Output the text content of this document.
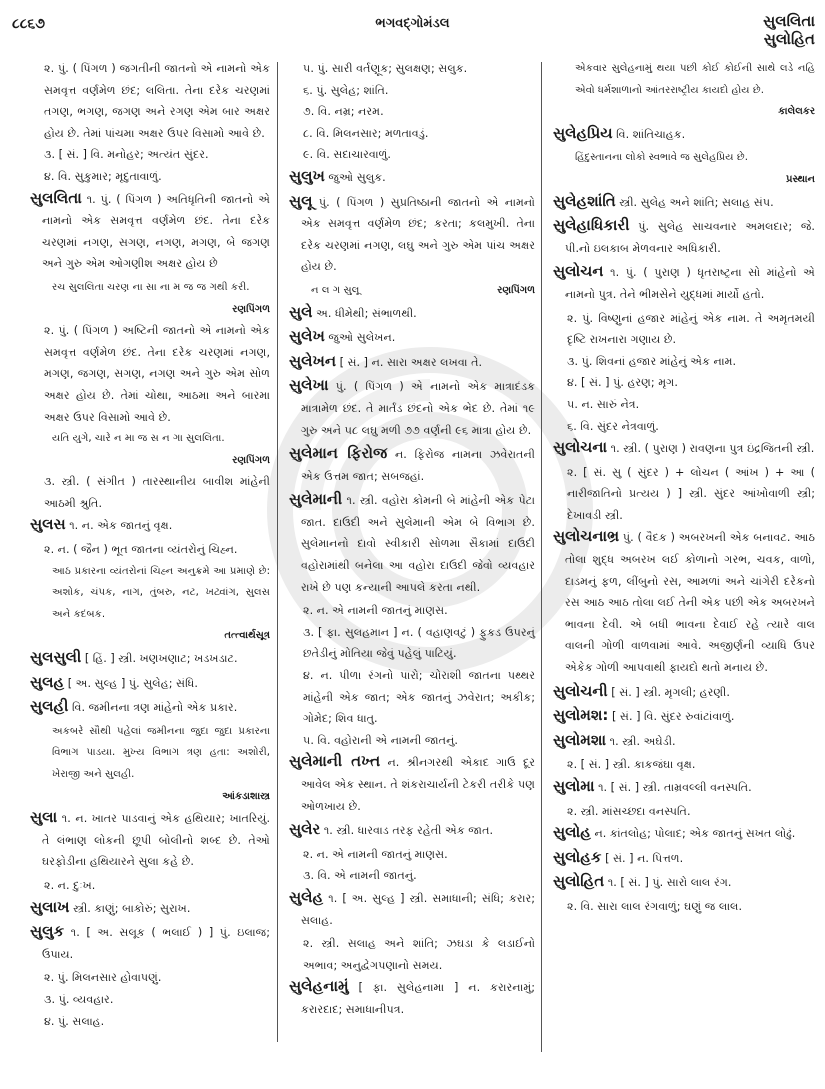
૮૮૬૭	ભગવદ્ગોમંડલ	સુલલિતા
સુલોહિત

૨. પું. ( પિંગળ ) જગતીની જાતનો એ નામનો એક સમવૃત્ત વર્ણમેળ છંદ; લલિતા. તેના દરેક ચરણમાં તગણ, ભગણ, જગણ અને રગણ એમ બાર અક્ષર હોય છે. તેમાં પાંચમા અક્ષર ઉપર વિસામો આવે છે.

૩. [ સં. ] વિ. મનોહર; અત્યંત સુંદર.

૪. વિ. સુકુમાર; મૃદુતાવાળું.

સુલલિતા ૧. પું. ( પિંગળ ) અતિધૃતિની જાતનો એ નામનો એક સમવૃત્ત વર્ણમેળ છંદ. તેના દરેક ચરણમાં નગણ, સગણ, નગણ, મગણ, બે જગણ અને ગુરુ એમ ઓગણીશ અક્ષર હોય છે

રચ સુલલિતા ચરણ ના સા ના મ જ જ ગથી કરી.

રણપિંગળ

૨. પું. ( પિંગળ ) અષ્ટિની જાતનો એ નામનો એક સમવૃત્ત વર્ણમેળ છંદ. તેના દરેક ચરણમાં નગણ, મગણ, જગણ, સગણ, નગણ અને ગુરુ એમ સોળ અક્ષર હોય છે. તેમાં ચોથા, આઠમા અને બારમા અક્ષર ઉપર વિસામો આવે છે.

યતિ યુગે, ચારે ન મા જ સ ન ગા સુલલિતા.

રણપિંગળ

૩. સ્ત્રી. ( સંગીત ) તારસ્થાનીય બાવીશ માંહેની આઠમી શ્રુતિ.

સુલસ ૧. ન. એક જાતનું વૃક્ષ.

૨. ન. ( જૈન ) ભૂત જાતના વ્યંતરોનું ચિહ્ન.

આઠ પ્રકારના વ્યંતરોનાં ચિહ્ન અનુક્રમે આ પ્રમાણે છે: અશોક, ચંપક, નાગ, તુંબરુ, નટ, ખટ્વાંગ, સુલસ અને કદંબક.

તત્ત્વાર્થસૂત્ર

સુલસુલી [ હિં. ] સ્ત્રી. ખણખણાટ; ખડખડાટ.

સુલહ [ અ. સુલ્હ ] પું. સુલેહ; સંધિ.

સુલહી વિ. જમીનના ત્રણ માંહેનો એક પ્રકાર.

અકબરે સૌથી પહેલાં જમીનના જુદા જુદા પ્રકારના વિભાગ પાડયા. મુખ્ય વિભાગ ત્રણ હતા: અશોરી, ખેરાજી અને સુલહી.

આંકડાશાસ્ત્ર

સુલા ૧. ન. ખાતર પાડવાનું એક હથિયાર; ખાતરિયું. તે લંભાણ લોકની છૂપી બોલીનો શબ્દ છે. તેઓ ઘરફોડીના હથિયારને સુલા કહે છે.

૨. ન. દુઃખ.

સુલાખ સ્ત્રી. કાણું; બાકોરું; સુરાખ.

સુલુક ૧. [ અ. સલૂક ( ભલાઈ ) ] પું. ઇલાજ; ઉપાય.

૨. પું. મિલનસાર હોવાપણું.

૩. પું. વ્યવહાર.

૪. પું. સલાહ.

૫. પું. સારી વર્તણૂક; સુલક્ષણ; સલુક.

૬. પું. સુલેહ; શાંતિ.

૭. વિ. નમ્ર; નરમ.

૮. વિ. મિલનસાર; મળતાવડું.

૯. વિ. સદાચારવાળું.

સુલુખ જુઓ સુલુક.

સુલૂ પું. ( પિંગળ ) સુપ્રતિષ્ઠાની જાતનો એ નામનો એક સમવૃત્ત વર્ણમેળ છંદ; કરતા; કલમુખી. તેના દરેક ચરણમાં નગણ, લઘુ અને ગુરુ એમ પાંચ અક્ષર હોય છે.

ન લ ગ સુલૂ	રણપિંગળ

સુલે અ. ધીમેથી; સંભાળથી.

સુલેખ જુઓ સુલેખન.

સુલેખન [ સં. ] ન. સારા અક્ષર લખવા તે.

સુલેખા પું. ( પિંગળ ) એ નામનો એક માત્રાદંડક માત્રામેળ છંદ. તે માર્તંડ છંદનો એક ભેદ છે. તેમાં ૧૯ ગુરુ અને ૫૮ લઘુ મળી ૭૭ વર્ણની ૯૬ માત્રા હોય છે.

સુલેમાન ફિરોજ ન. ફિરોજ નામના ઝવેરાતની એક ઉત્તમ જાત; સબજહાં.

સુલેમાની ૧. સ્ત્રી. વહોરા કોમની બે માંહેની એક પેટા જાત. દાઉદી અને સુલેમાની એમ બે વિભાગ છે. સુલેમાનનો દાવો સ્વીકારી સોળમા સૈકામાં દાઉદી વહોરામાંથી બનેલા આ વહોરા દાઉદી જેવો વ્યવહાર રાખે છે પણ કન્યાની આપલે કરતા નથી.

૨. ન. એ નામની જાતનું માણસ.

૩. [ ફા. સુલહમાન ] ન. ( વહાણવટું ) ફુકડ ઉપરનું છતેડીનું મોતિયા જેવું પહેલું પાટિયું.

૪. ન. પીળા રંગનો પારો; ચોરાશી જાતના પથ્થર માંહેની એક જાત; એક જાતનું ઝવેરાત; અકીક; ગોમેદ; શિવ ધાતુ.

૫. વિ. વહોરાની એ નામની જાતનું.

સુલેમાની તખ્ત ન. શ્રીનગરથી એકાદ ગાઉ દૂર આવેલ એક સ્થાન. તે શંકરાચાર્યની ટેકરી તરીકે પણ ઓળખાય છે.

સુલેર ૧. સ્ત્રી. ધારવાડ તરફ રહેતી એક જાત.

૨. ન. એ નામની જાતનું માણસ.

૩. વિ. એ નામની જાતનું.

સુલેહ ૧. [ અ. સુલ્હ ] સ્ત્રી. સમાધાની; સંધિ; કરાર; સલાહ.

૨. સ્ત્રી. સલાહ અને શાંતિ; ઝઘડા કે લડાઈનો અભાવ; અનુદ્વેગપણાનો સમય.

સુલેહનામું [ ફા. સુલેહનામા ] ન. કરારનામું; કરારદાદ; સમાધાનીપત્ર.

એકવાર સુલેહનામું થયા પછી કોઈ કોઈની સાથે લડે નહિ એવો ધર્મશાળાનો આંતરરાષ્ટ્રીય કાયદો હોય છે.

કાલેલકર

સુલેહપ્રિય વિ. શાંતિચાહક.

હિંદુસ્તાનના લોકો સ્વભાવે જ સુલેહપ્રિય છે.

પ્રસ્થાન

સુલેહશાંતિ સ્ત્રી. સુલેહ અને શાંતિ; સલાહ સંપ.

સુલેહાધિકારી પું. સુલેહ સાચવનાર અમલદાર; જે. પી.નો ઇલકાબ મેળવનાર અધિકારી.

સુલોચન ૧. પું. ( પુરાણ ) ધૃતરાષ્ટ્રના સો માંહેનો એ નામનો પુત્ર. તેને ભીમસેને યુદ્ધમાં માર્યો હતો.

૨. પું. વિષ્ણુનાં હજાર માંહેનું એક નામ. તે અમૃતમયી દૃષ્ટિ રાખનારા ગણાય છે.

૩. પું. શિવનાં હજાર માંહેનું એક નામ.

૪. [ સં. ] પું. હરણ; મૃગ.

૫. ન. સારું નેત્ર.

૬. વિ. સુંદર નેત્રવાળું.

સુલોચના ૧. સ્ત્રી. ( પુરાણ ) રાવણના પુત્ર ઇંદ્રજિતની સ્ત્રી.

૨. [ સં. સુ ( સુંદર ) + લોચન ( આંખ ) + આ ( નારીજાતિનો પ્રત્યય ) ] સ્ત્રી. સુંદર આંખોવાળી સ્ત્રી; દેખાવડી સ્ત્રી.

સુલોચનાભ્ર પું. ( વૈદક ) અબરખની એક બનાવટ. આઠ તોલા શુદ્ધ અબરખ લઈ કોળાનો ગરભ, ચવક, વાળો, દાડમનું ફળ, લીંબુનો રસ, આમળાં અને ચાંગેરી દરેકનો રસ આઠ આઠ તોલા લઈ તેની એક પછી એક અબરખને ભાવના દેવી. એ બધી ભાવના દેવાઈ રહે ત્યારે વાલ વાલની ગોળી વાળવામાં આવે. અજીર્ણની વ્યાધિ ઉપર એકેક ગોળી આપવાથી ફાયદો થતો મનાય છે.

સુલોચની [ સં. ] સ્ત્રી. મૃગલી; હરણી.

સુલોમશ: [ સં. ] વિ. સુંદર રુવાંટાંવાળું.

સુલોમશા ૧. સ્ત્રી. અઘેડી.

૨. [ સં. ] સ્ત્રી. કાકજંઘા વૃક્ષ.

સુલોમા ૧. [ સં. ] સ્ત્રી. તામ્રવલ્લી વનસ્પતિ.

૨. સ્ત્રી. માંસચ્છદા વનસ્પતિ.

સુલોહ ન. કાંતલોહ; પોલાદ; એક જાતનું સખત લોઢું.

સુલોહક [ સં. ] ન. પિત્તળ.

સુલોહિત ૧. [ સં. ] પું. સારો લાલ રંગ.

૨. વિ. સારા લાલ રંગવાળું; ઘણું જ લાલ.
